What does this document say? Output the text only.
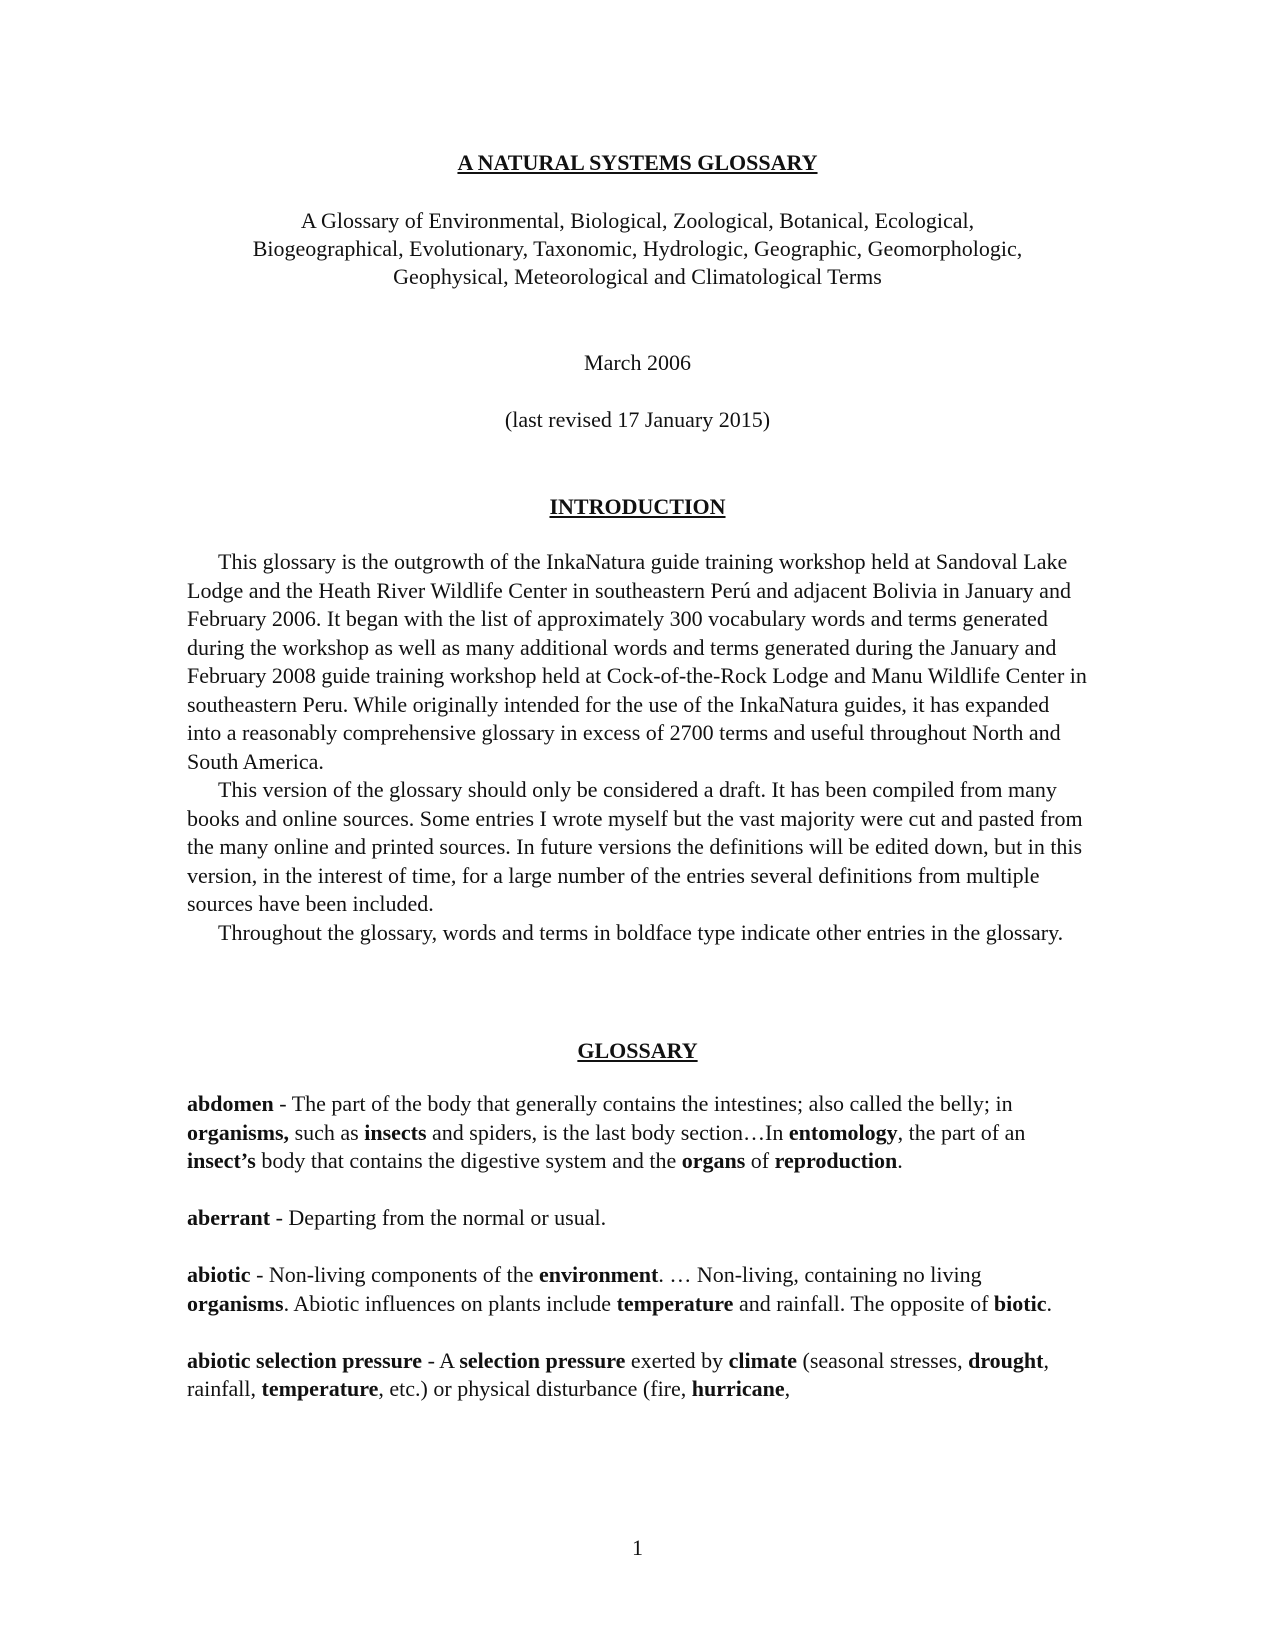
A NATURAL SYSTEMS GLOSSARY
A Glossary of Environmental, Biological, Zoological, Botanical, Ecological,
Biogeographical, Evolutionary, Taxonomic, Hydrologic, Geographic, Geomorphologic,
Geophysical, Meteorological and Climatological Terms
March 2006
(last revised 17 January 2015)
INTRODUCTION

This glossary is the outgrowth of the InkaNatura guide training workshop held at Sandoval Lake Lodge and the Heath River Wildlife Center in southeastern Perú and adjacent Bolivia in January and February 2006. It began with the list of approximately 300 vocabulary words and terms generated during the workshop as well as many additional words and terms generated during the January and February 2008 guide training workshop held at Cock-of-the-Rock Lodge and Manu Wildlife Center in southeastern Peru. While originally intended for the use of the InkaNatura guides, it has expanded into a reasonably comprehensive glossary in excess of 2700 terms and useful throughout North and South America.

This version of the glossary should only be considered a draft. It has been compiled from many books and online sources. Some entries I wrote myself but the vast majority were cut and pasted from the many online and printed sources. In future versions the definitions will be edited down, but in this version, in the interest of time, for a large number of the entries several definitions from multiple sources have been included.

Throughout the glossary, words and terms in boldface type indicate other entries in the glossary.

GLOSSARY

abdomen - The part of the body that generally contains the intestines; also called the belly; in organisms, such as insects and spiders, is the last body section…In entomology, the part of an insect’s body that contains the digestive system and the organs of reproduction.

aberrant - Departing from the normal or usual.

abiotic - Non-living components of the environment. … Non-living, containing no living organisms. Abiotic influences on plants include temperature and rainfall. The opposite of biotic.

abiotic selection pressure - A selection pressure exerted by climate (seasonal stresses, drought, rainfall, temperature, etc.) or physical disturbance (fire, hurricane,

1
